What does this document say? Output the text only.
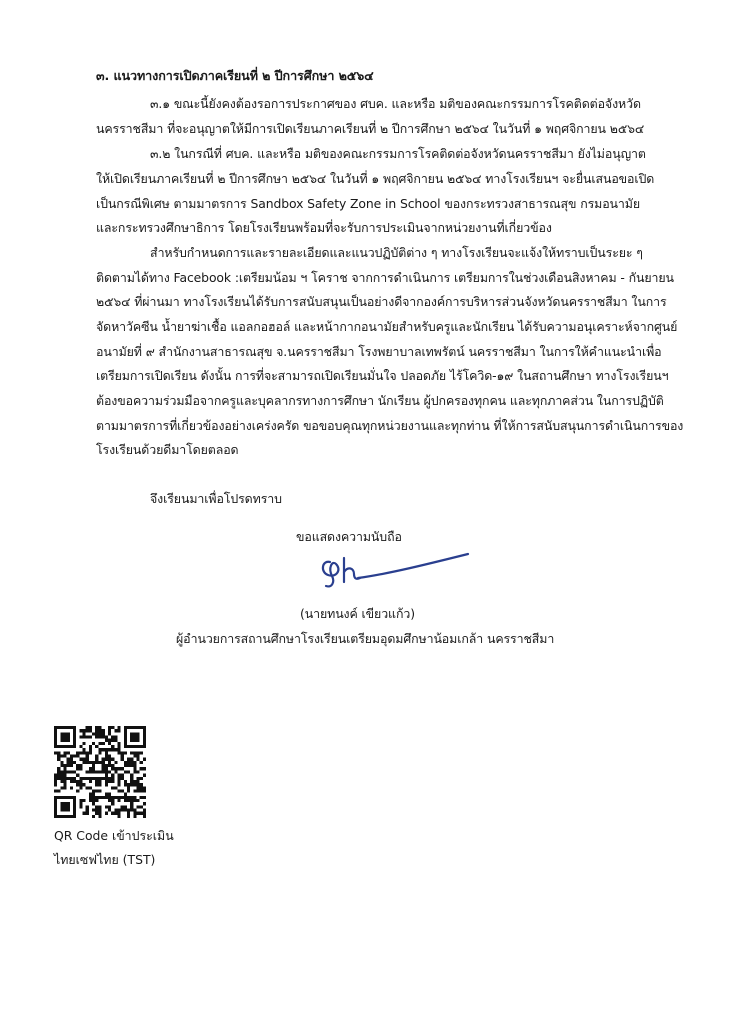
๓. แนวทางการเปิดภาคเรียนที่ ๒ ปีการศึกษา ๒๕๖๔
๓.๑ ขณะนี้ยังคงต้องรอการประกาศของ ศบค. และหรือ มติของคณะกรรมการโรคติดต่อจังหวัด
นครราชสีมา ที่จะอนุญาตให้มีการเปิดเรียนภาคเรียนที่ ๒ ปีการศึกษา ๒๕๖๔ ในวันที่ ๑ พฤศจิกายน ๒๕๖๔
๓.๒ ในกรณีที่ ศบค. และหรือ มติของคณะกรรมการโรคติดต่อจังหวัดนครราชสีมา ยังไม่อนุญาต
ให้เปิดเรียนภาคเรียนที่ ๒ ปีการศึกษา ๒๕๖๔ ในวันที่ ๑ พฤศจิกายน ๒๕๖๔ ทางโรงเรียนฯ จะยื่นเสนอขอเปิด
เป็นกรณีพิเศษ ตามมาตรการ Sandbox Safety Zone in School ของกระทรวงสาธารณสุข กรมอนามัย
และกระทรวงศึกษาธิการ โดยโรงเรียนพร้อมที่จะรับการประเมินจากหน่วยงานที่เกี่ยวข้อง
สำหรับกำหนดการและรายละเอียดและแนวปฏิบัติต่าง ๆ ทางโรงเรียนจะแจ้งให้ทราบเป็นระยะ ๆ
ติดตามได้ทาง Facebook :เตรียมน้อม ฯ โคราช จากการดำเนินการ เตรียมการในช่วงเดือนสิงหาคม - กันยายน
๒๕๖๔ ที่ผ่านมา ทางโรงเรียนได้รับการสนับสนุนเป็นอย่างดีจากองค์การบริหารส่วนจังหวัดนครราชสีมา ในการ
จัดหาวัคซีน น้ำยาฆ่าเชื้อ แอลกอฮอล์ และหน้ากากอนามัยสำหรับครูและนักเรียน ได้รับความอนุเคราะห์จากศูนย์
อนามัยที่ ๙ สำนักงานสาธารณสุข จ.นครราชสีมา โรงพยาบาลเทพรัตน์ นครราชสีมา ในการให้คำแนะนำเพื่อ
เตรียมการเปิดเรียน ดังนั้น การที่จะสามารถเปิดเรียนมั่นใจ ปลอดภัย ไร้โควิด-๑๙ ในสถานศึกษา ทางโรงเรียนฯ
ต้องขอความร่วมมือจากครูและบุคลากรทางการศึกษา นักเรียน ผู้ปกครองทุกคน และทุกภาคส่วน ในการปฏิบัติ
ตามมาตรการที่เกี่ยวข้องอย่างเคร่งครัด ขอขอบคุณทุกหน่วยงานและทุกท่าน ที่ให้การสนับสนุนการดำเนินการของ
โรงเรียนด้วยดีมาโดยตลอด
จึงเรียนมาเพื่อโปรดทราบ
ขอแสดงความนับถือ
(นายทนงค์ เขียวแก้ว)
ผู้อำนวยการสถานศึกษาโรงเรียนเตรียมอุดมศึกษาน้อมเกล้า นครราชสีมา
QR Code เข้าประเมิน
ไทยเซฟไทย (TST)
